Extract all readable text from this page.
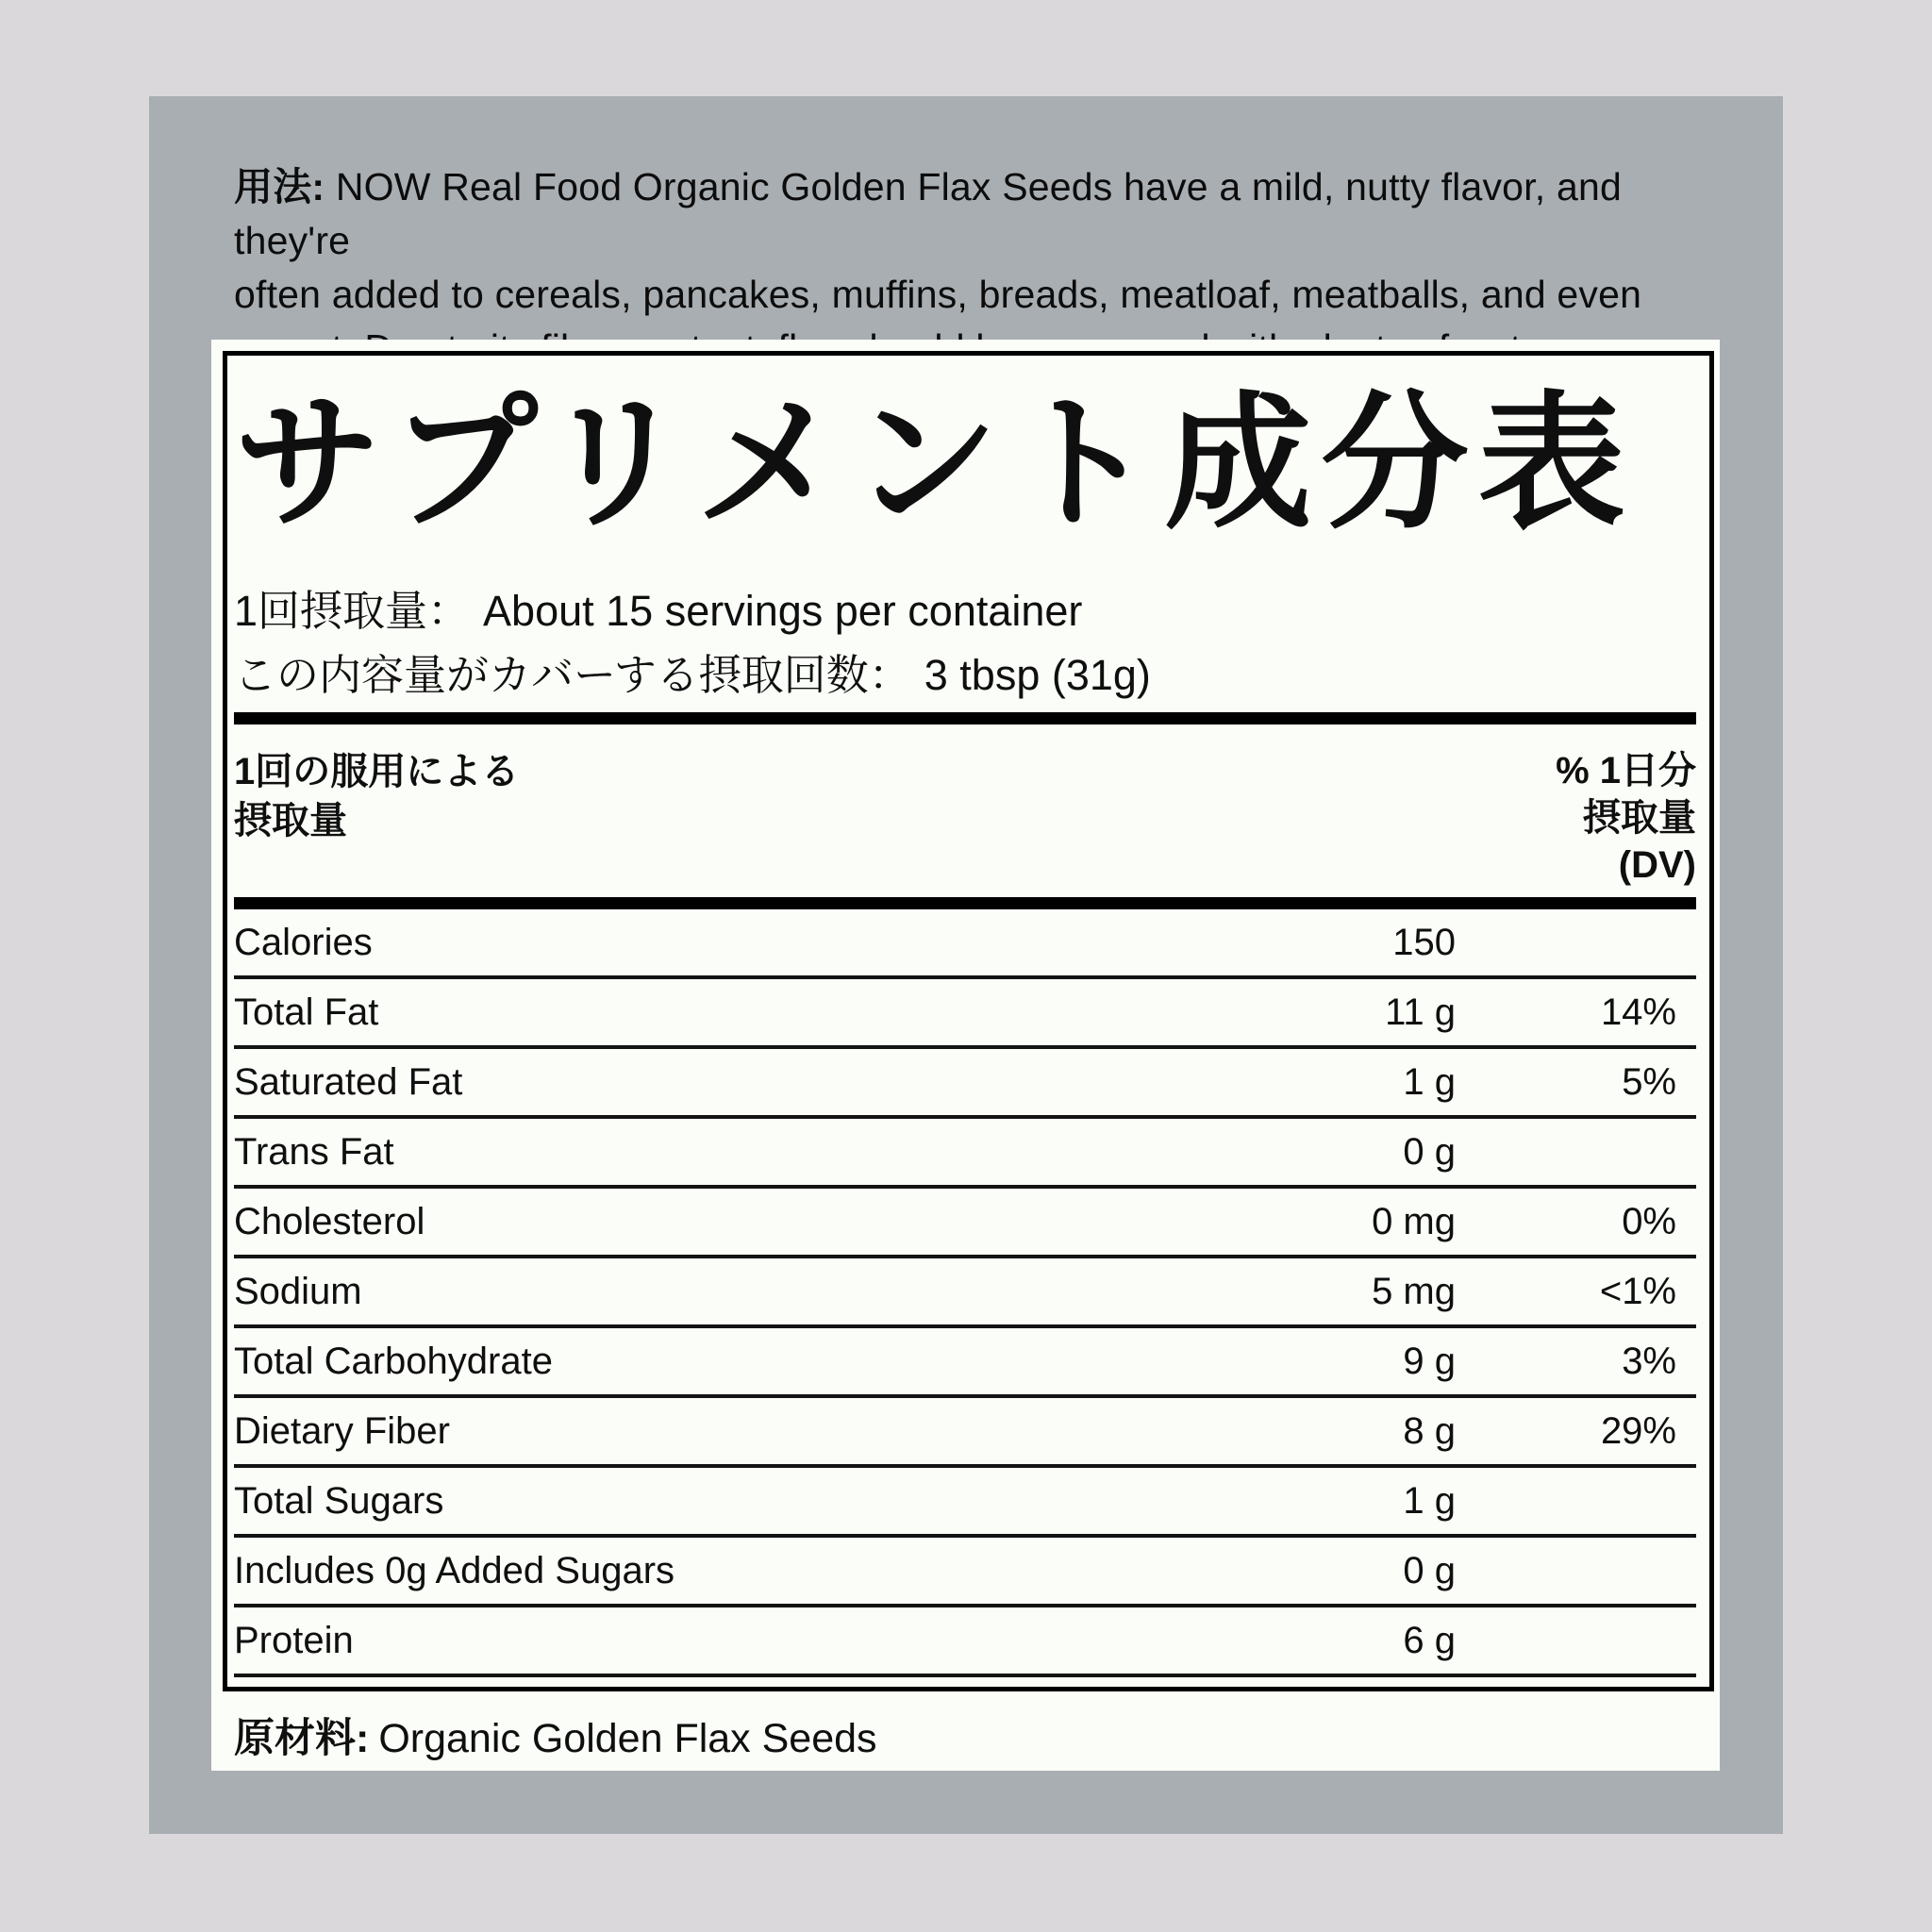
用法: NOW Real Food Organic Golden Flax Seeds have a mild, nutty flavor, and they're
often added to cereals, pancakes, muffins, breads, meatloaf, meatballs, and even
サプリメント成分表
1回摂取量： About 15 servings per container
この内容量がカバーする摂取回数： 3 tbsp (31g)
1回の服用による
摂取量
% 1日分
摂取量
(DV)
Calories	150
Total Fat	11 g	14%
Saturated Fat	1 g	5%
Trans Fat	0 g
Cholesterol	0 mg	0%
Sodium	5 mg	<1%
Total Carbohydrate	9 g	3%
Dietary Fiber	8 g	29%
Total Sugars	1 g
Includes 0g Added Sugars	0 g
Protein	6 g
原材料: Organic Golden Flax Seeds
